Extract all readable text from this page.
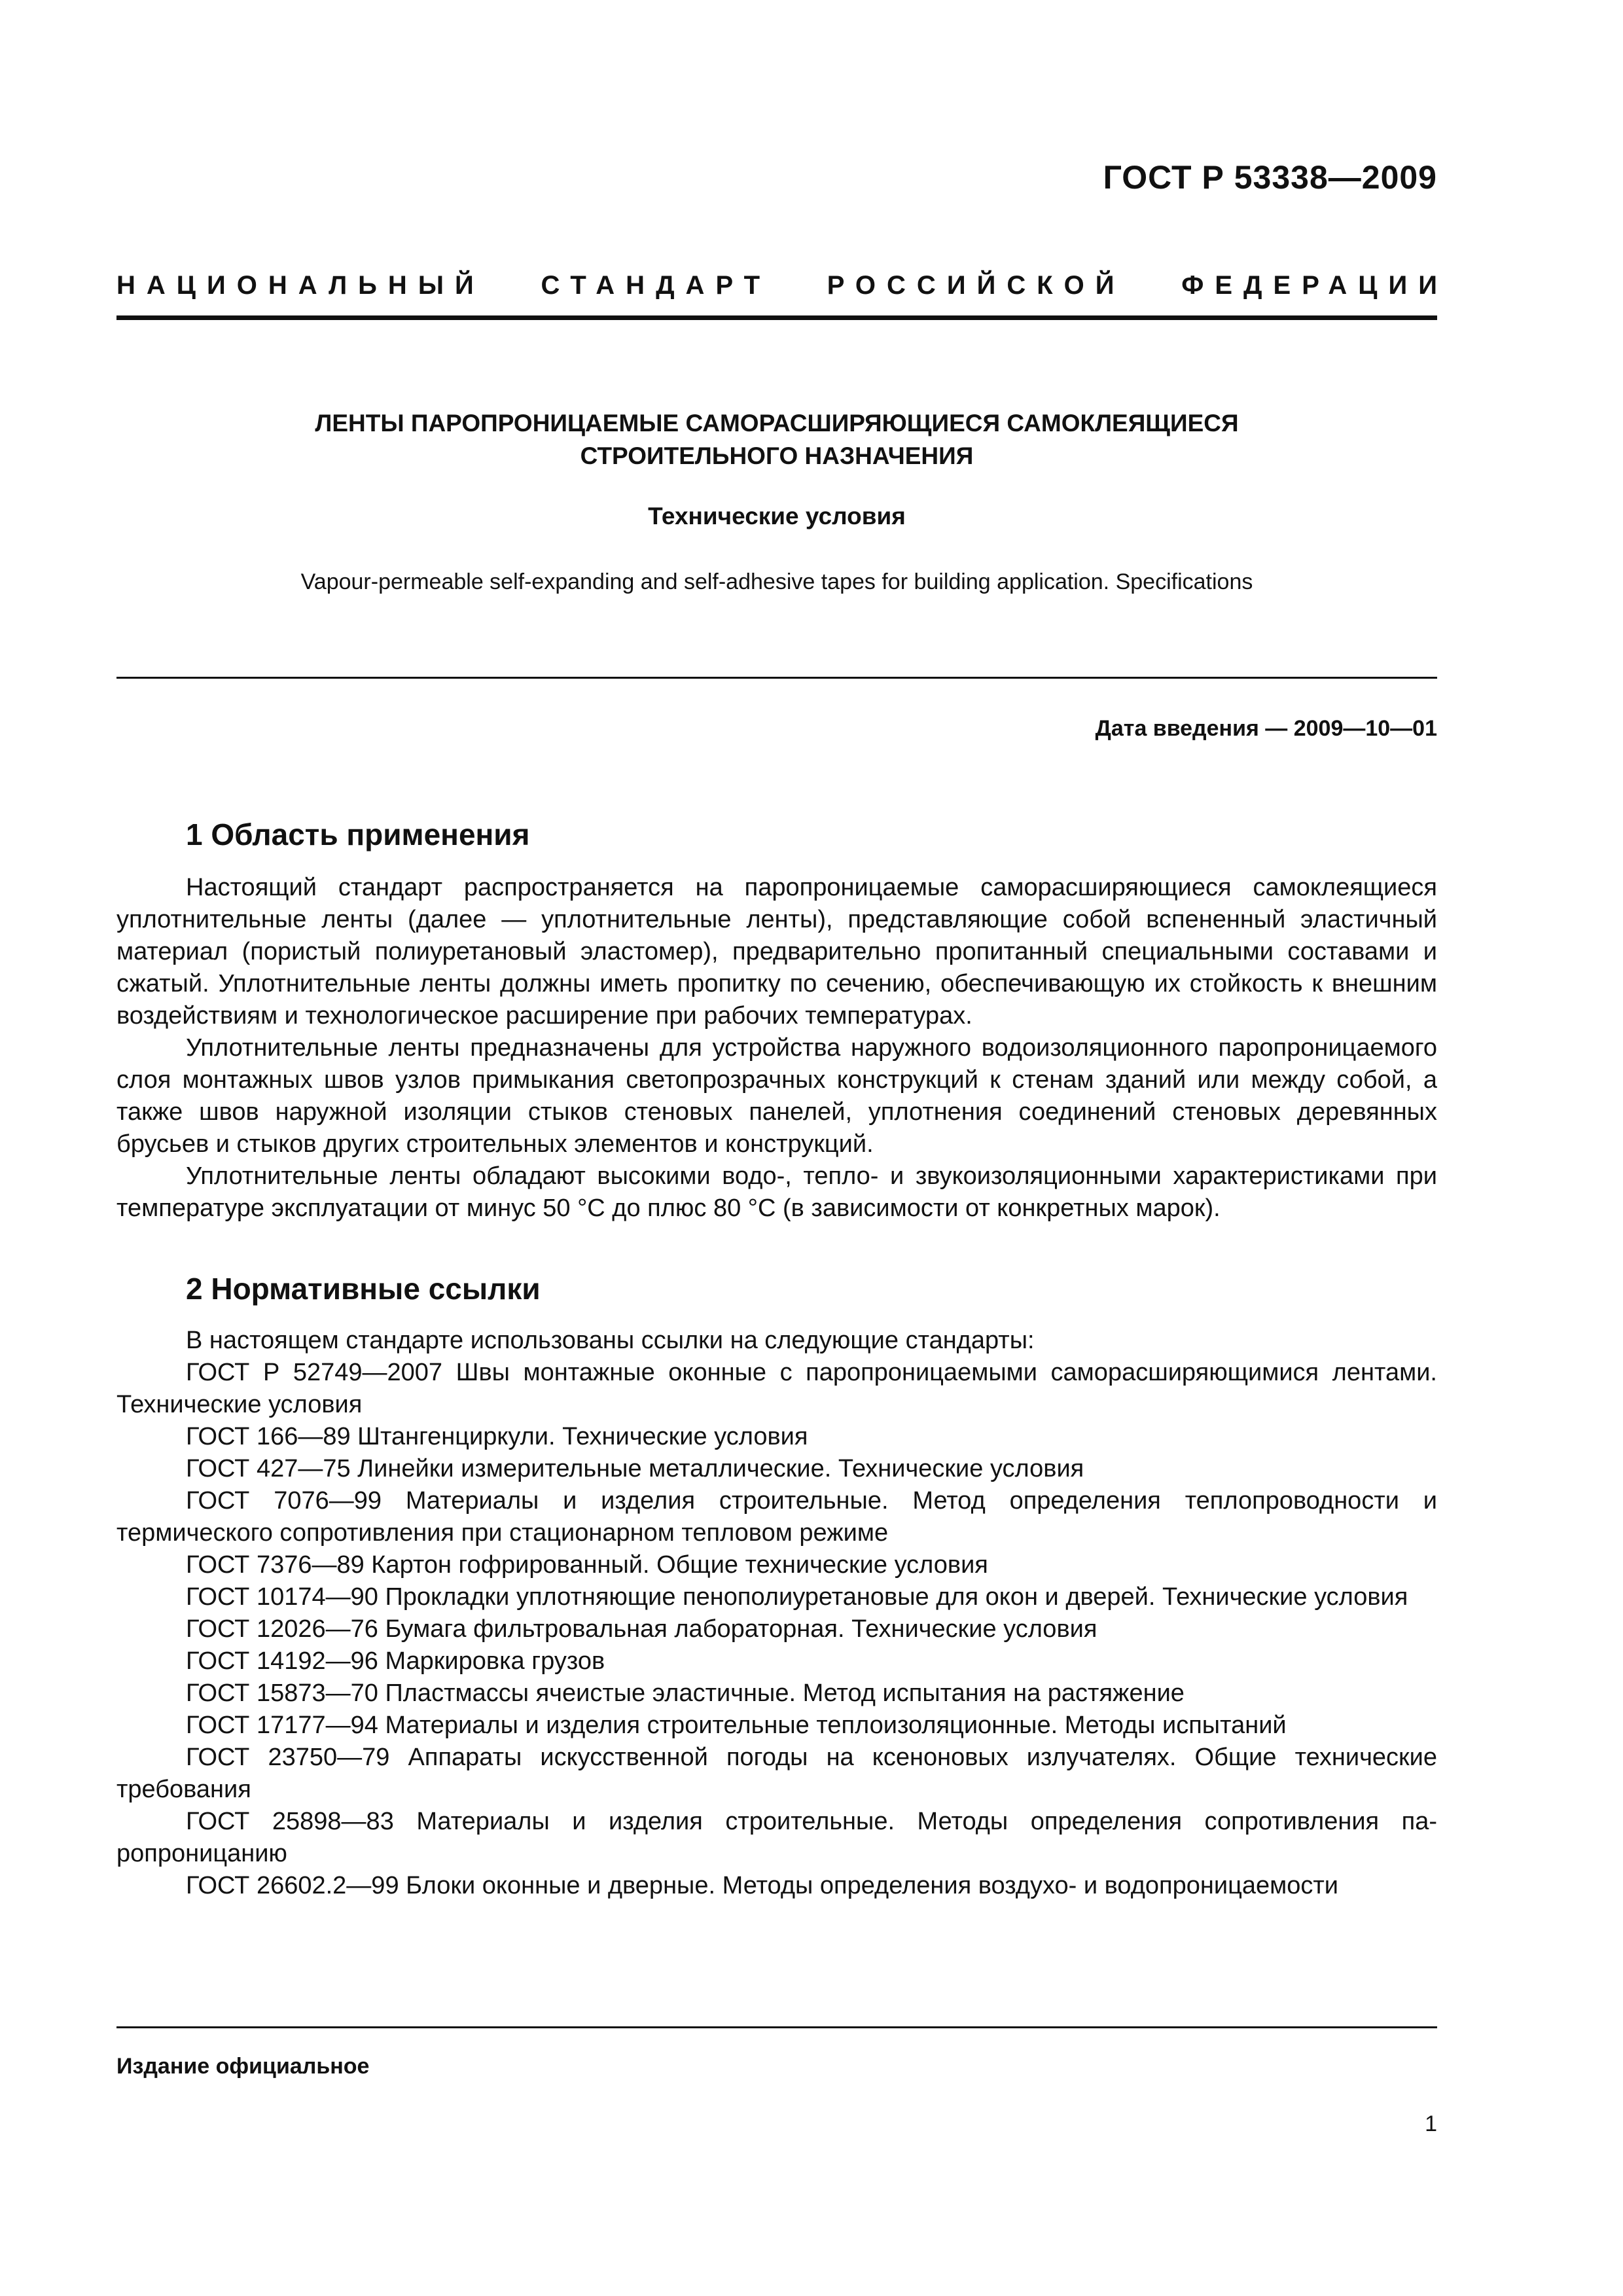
ГОСТ Р 53338—2009
НАЦИОНАЛЬНЫЙ СТАНДАРТ РОССИЙСКОЙ ФЕДЕРАЦИИ
ЛЕНТЫ ПАРОПРОНИЦАЕМЫЕ САМОРАСШИРЯЮЩИЕСЯ САМОКЛЕЯЩИЕСЯ
СТРОИТЕЛЬНОГО НАЗНАЧЕНИЯ
Технические условия
Vapour-permeable self-expanding and self-adhesive tapes for building application. Specifications
Дата введения — 2009—10—01
1 Область применения

Настоящий стандарт распространяется на паропроницаемые саморасширяющиеся самоклеящиеся уплотнительные ленты (далее — уплотнительные ленты), представляющие собой вспененный эластичный материал (пористый полиуретановый эластомер), предварительно пропитанный специальными составами и сжатый. Уплотнительные ленты должны иметь пропитку по сечению, обеспечивающую их стойкость к внешним воздействиям и технологическое расширение при рабочих температурах.

Уплотнительные ленты предназначены для устройства наружного водоизоляционного паропроницаемого слоя монтажных швов узлов примыкания светопрозрачных конструкций к стенам зданий или между собой, а также швов наружной изоляции стыков стеновых панелей, уплотнения соединений стеновых деревянных брусьев и стыков других строительных элементов и конструкций.

Уплотнительные ленты обладают высокими водо-, тепло- и звукоизоляционными характеристиками при температуре эксплуатации от минус 50 °С до плюс 80 °С (в зависимости от конкретных марок).

2 Нормативные ссылки

В настоящем стандарте использованы ссылки на следующие стандарты:

ГОСТ Р 52749—2007 Швы монтажные оконные с паропроницаемыми саморасширяющимися лентами. Технические условия

ГОСТ 166—89 Штангенциркули. Технические условия

ГОСТ 427—75 Линейки измерительные металлические. Технические условия

ГОСТ 7076—99 Материалы и изделия строительные. Метод определения теплопроводности и термического сопротивления при стационарном тепловом режиме

ГОСТ 7376—89 Картон гофрированный. Общие технические условия

ГОСТ 10174—90 Прокладки уплотняющие пенополиуретановые для окон и дверей. Технические условия

ГОСТ 12026—76 Бумага фильтровальная лабораторная. Технические условия

ГОСТ 14192—96 Маркировка грузов

ГОСТ 15873—70 Пластмассы ячеистые эластичные. Метод испытания на растяжение

ГОСТ 17177—94 Материалы и изделия строительные теплоизоляционные. Методы испытаний

ГОСТ 23750—79 Аппараты искусственной погоды на ксеноновых излучателях. Общие технические требования

ГОСТ 25898—83 Материалы и изделия строительные. Методы определения сопротивления паропроницанию

ГОСТ 26602.2—99 Блоки оконные и дверные. Методы определения воздухо- и водопроницаемости

Издание официальное
1
